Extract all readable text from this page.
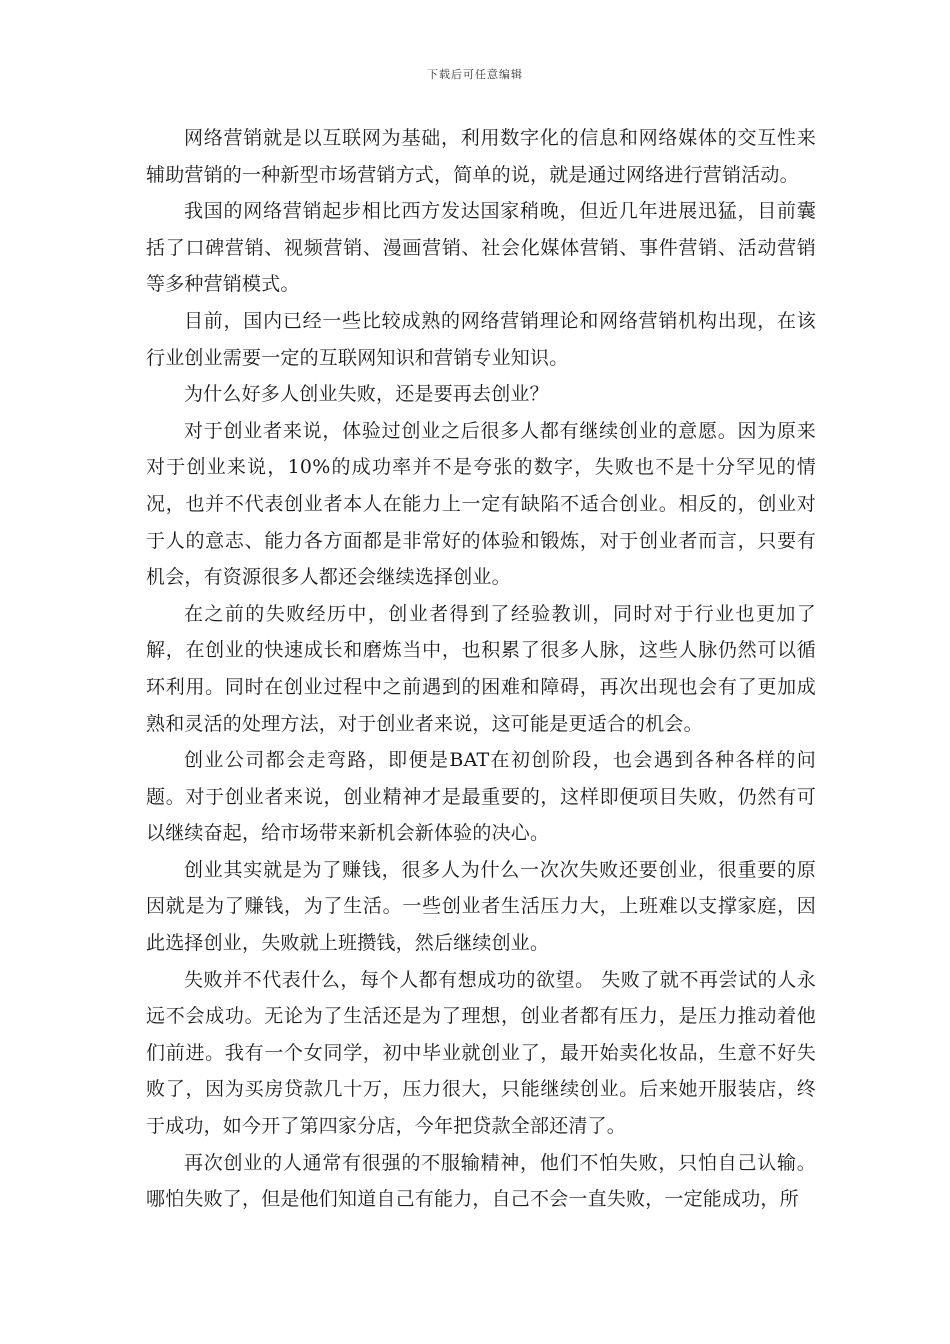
下载后可任意编辑

网络营销就是以互联网为基础，利用数字化的信息和网络媒体的交互性来辅助营销的一种新型市场营销方式，简单的说，就是通过网络进行营销活动。

我国的网络营销起步相比西方发达国家稍晚，但近几年进展迅猛，目前囊括了口碑营销、视频营销、漫画营销、社会化媒体营销、事件营销、活动营销等多种营销模式。

目前，国内已经一些比较成熟的网络营销理论和网络营销机构出现，在该行业创业需要一定的互联网知识和营销专业知识。

为什么好多人创业失败，还是要再去创业？

对于创业者来说，体验过创业之后很多人都有继续创业的意愿。因为原来对于创业来说，10%的成功率并不是夸张的数字，失败也不是十分罕见的情况，也并不代表创业者本人在能力上一定有缺陷不适合创业。相反的，创业对于人的意志、能力各方面都是非常好的体验和锻炼，对于创业者而言，只要有机会，有资源很多人都还会继续选择创业。

在之前的失败经历中，创业者得到了经验教训，同时对于行业也更加了解，在创业的快速成长和磨炼当中，也积累了很多人脉，这些人脉仍然可以循环利用。同时在创业过程中之前遇到的困难和障碍，再次出现也会有了更加成熟和灵活的处理方法，对于创业者来说，这可能是更适合的机会。

创业公司都会走弯路，即便是BAT在初创阶段，也会遇到各种各样的问题。对于创业者来说，创业精神才是最重要的，这样即便项目失败，仍然有可以继续奋起，给市场带来新机会新体验的决心。

创业其实就是为了赚钱，很多人为什么一次次失败还要创业，很重要的原因就是为了赚钱，为了生活。一些创业者生活压力大，上班难以支撑家庭，因此选择创业，失败就上班攒钱，然后继续创业。

失败并不代表什么，每个人都有想成功的欲望。 失败了就不再尝试的人永远不会成功。无论为了生活还是为了理想，创业者都有压力，是压力推动着他们前进。我有一个女同学，初中毕业就创业了，最开始卖化妆品，生意不好失败了，因为买房贷款几十万，压力很大，只能继续创业。后来她开服装店，终于成功，如今开了第四家分店，今年把贷款全部还清了。

再次创业的人通常有很强的不服输精神，他们不怕失败，只怕自己认输。哪怕失败了，但是他们知道自己有能力，自己不会一直失败，一定能成功，所
